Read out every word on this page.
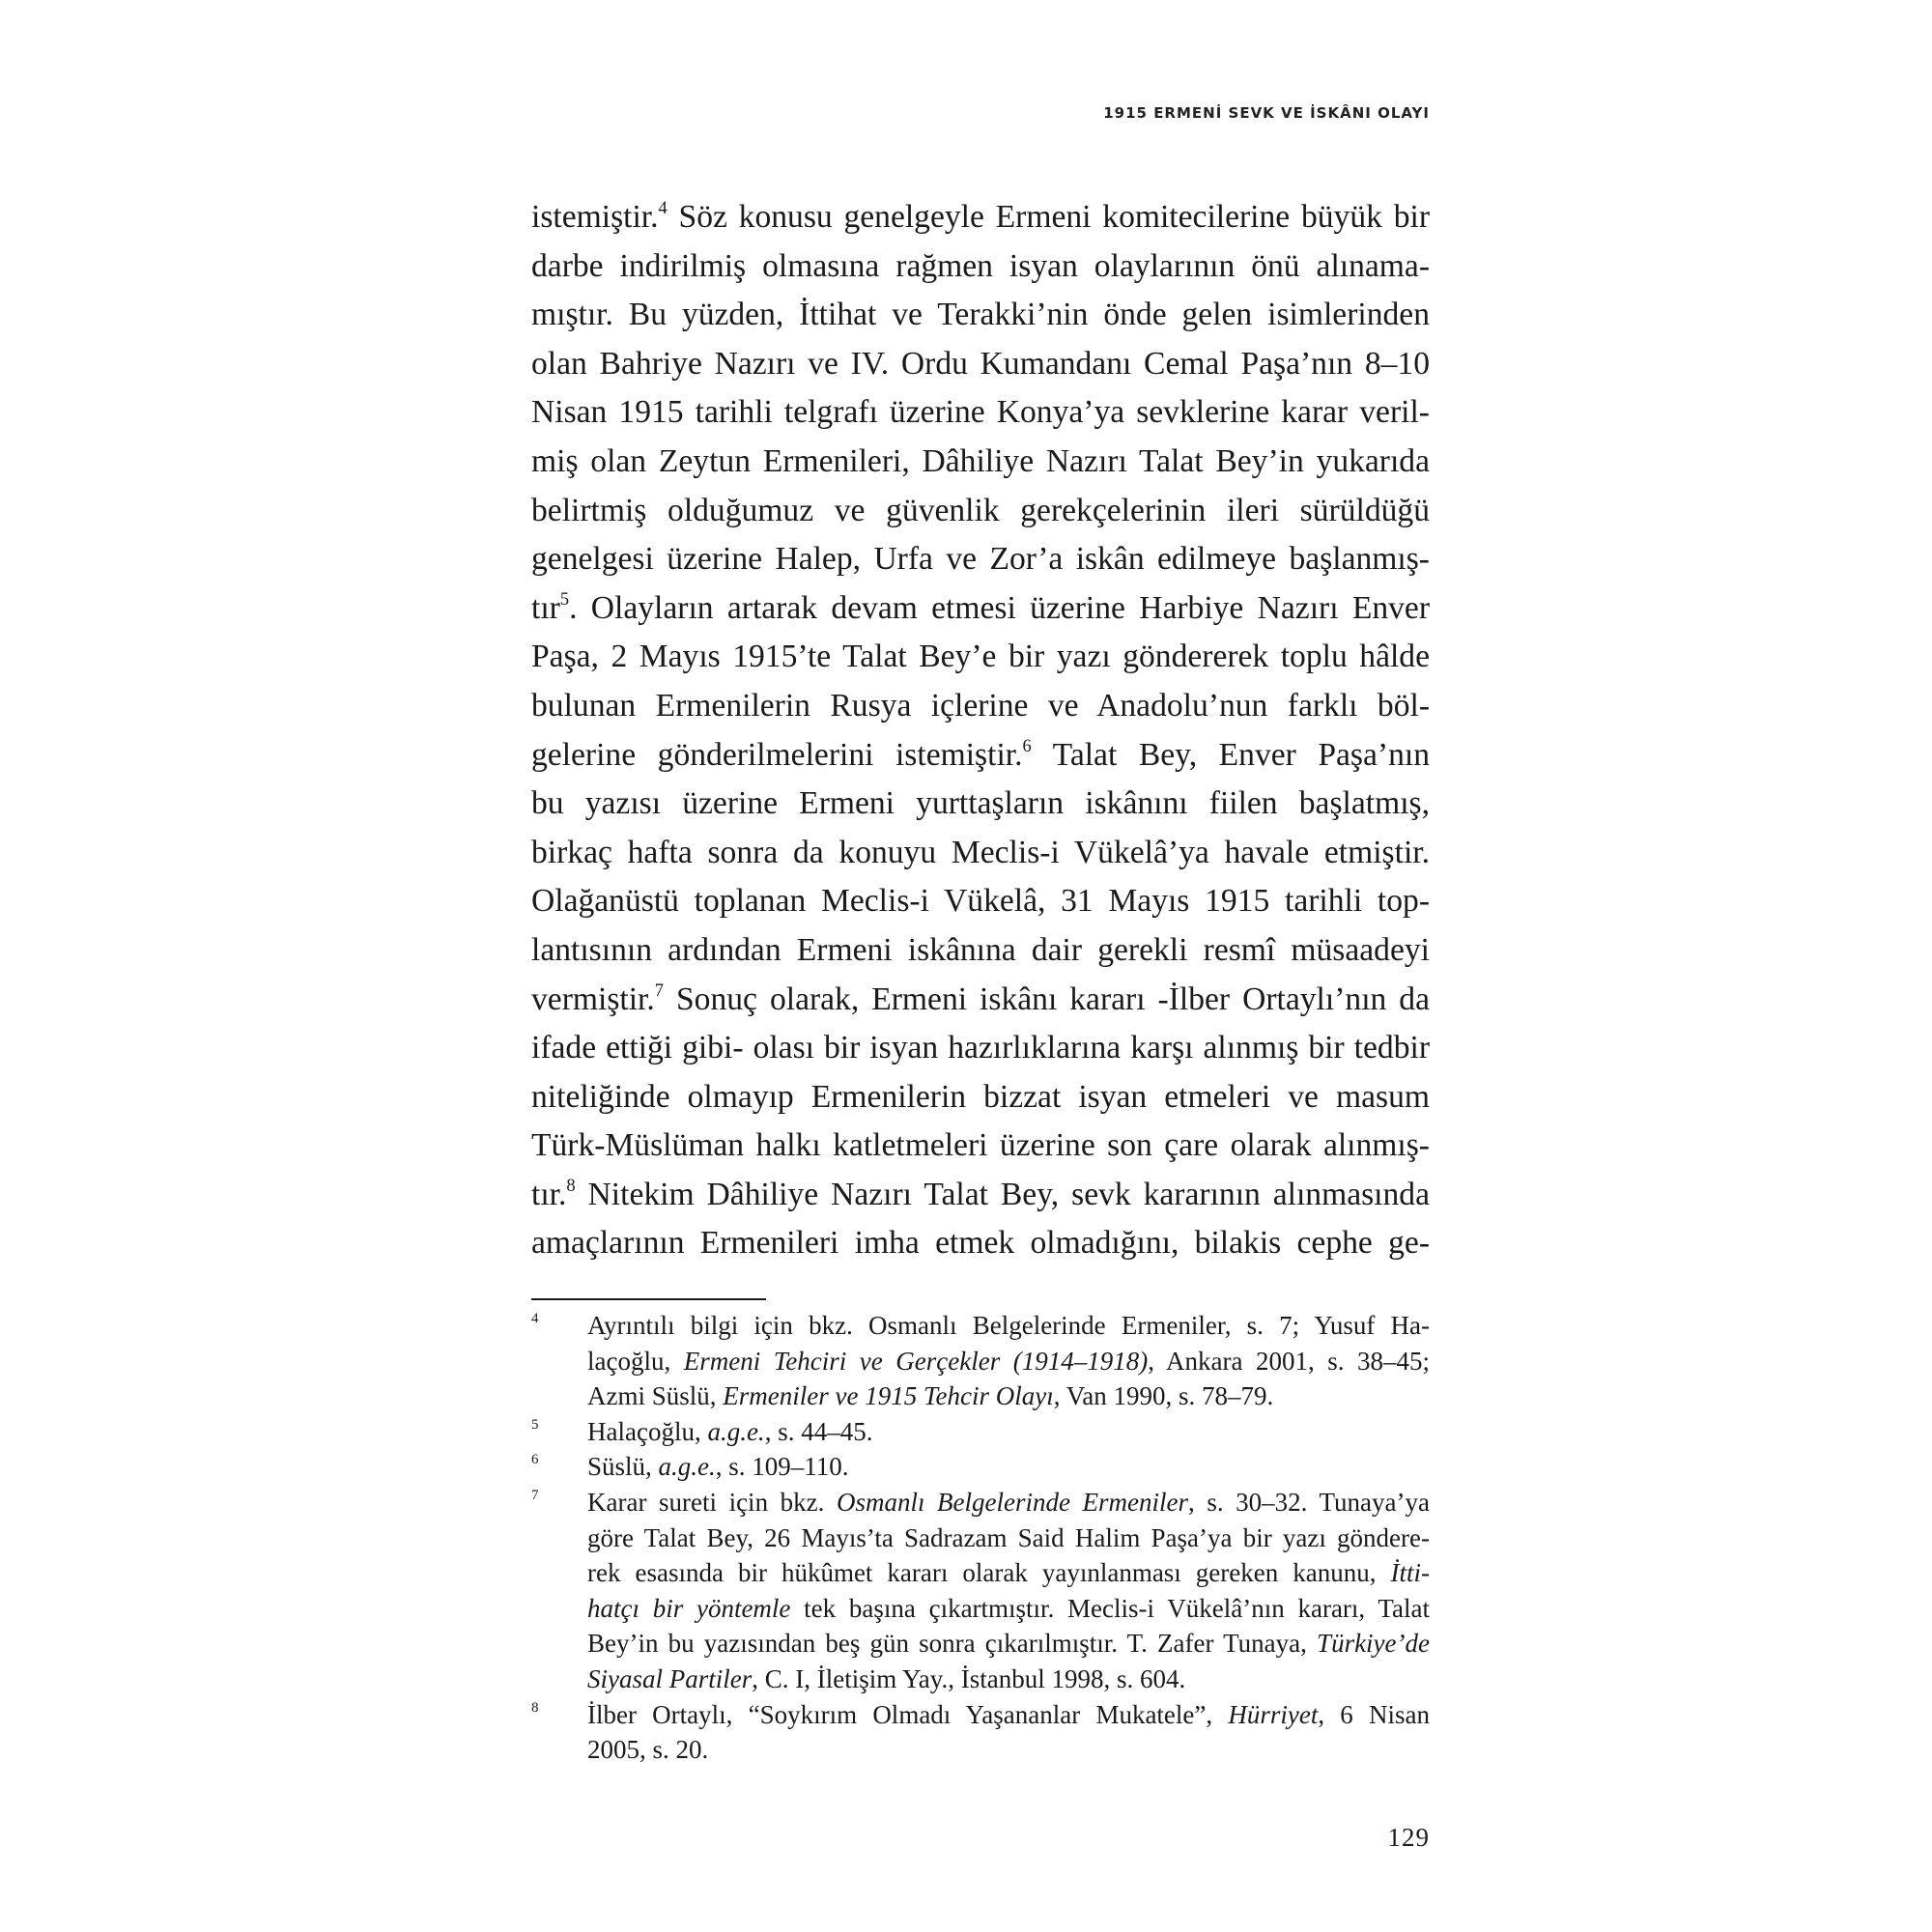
1915 ERMENİ SEVK VE İSKÂNI OLAYI
istemiştir.$^4$ Söz konusu genelgeyle Ermeni komitecilerine büyük bir
darbe indirilmiş olmasına rağmen isyan olaylarının önü alınama-
mıştır. Bu yüzden, İttihat ve Terakki’nin önde gelen isimlerinden
olan Bahriye Nazırı ve IV. Ordu Kumandanı Cemal Paşa’nın 8–10
Nisan 1915 tarihli telgrafı üzerine Konya’ya sevklerine karar veril-
miş olan Zeytun Ermenileri, Dâhiliye Nazırı Talat Bey’in yukarıda
belirtmiş olduğumuz ve güvenlik gerekçelerinin ileri sürüldüğü
genelgesi üzerine Halep, Urfa ve Zor’a iskân edilmeye başlanmış-
tır$^5$. Olayların artarak devam etmesi üzerine Harbiye Nazırı Enver
Paşa, 2 Mayıs 1915’te Talat Bey’e bir yazı göndererek toplu hâlde
bulunan Ermenilerin Rusya içlerine ve Anadolu’nun farklı böl-
gelerine gönderilmelerini istemiştir.$^6$ Talat Bey, Enver Paşa’nın
bu yazısı üzerine Ermeni yurttaşların iskânını fiilen başlatmış,
birkaç hafta sonra da konuyu Meclis-i Vükelâ’ya havale etmiştir.
Olağanüstü toplanan Meclis-i Vükelâ, 31 Mayıs 1915 tarihli top-
lantısının ardından Ermeni iskânına dair gerekli resmî müsaadeyi
vermiştir.$^7$ Sonuç olarak, Ermeni iskânı kararı -İlber Ortaylı’nın da
ifade ettiği gibi- olası bir isyan hazırlıklarına karşı alınmış bir tedbir
niteliğinde olmayıp Ermenilerin bizzat isyan etmeleri ve masum
Türk-Müslüman halkı katletmeleri üzerine son çare olarak alınmış-
tır.$^8$ Nitekim Dâhiliye Nazırı Talat Bey, sevk kararının alınmasında
amaçlarının Ermenileri imha etmek olmadığını, bilakis cephe ge-
4 Ayrıntılı bilgi için bkz. Osmanlı Belgelerinde Ermeniler, s. 7; Yusuf Ha-
laçoğlu, Ermeni Tehciri ve Gerçekler (1914–1918), Ankara 2001, s. 38–45;
Azmi Süslü, Ermeniler ve 1915 Tehcir Olayı, Van 1990, s. 78–79.
5 Halaçoğlu, a.g.e., s. 44–45.
6 Süslü, a.g.e., s. 109–110.
7 Karar sureti için bkz. Osmanlı Belgelerinde Ermeniler, s. 30–32. Tunaya’ya
göre Talat Bey, 26 Mayıs’ta Sadrazam Said Halim Paşa’ya bir yazı göndere-
rek esasında bir hükûmet kararı olarak yayınlanması gereken kanunu, İtti-
hatçı bir yöntemle tek başına çıkartmıştır. Meclis-i Vükelâ’nın kararı, Talat
Bey’in bu yazısından beş gün sonra çıkarılmıştır. T. Zafer Tunaya, Türkiye’de
Siyasal Partiler, C. I, İletişim Yay., İstanbul 1998, s. 604.
8 İlber Ortaylı, “Soykırım Olmadı Yaşananlar Mukatele”, Hürriyet, 6 Nisan
2005, s. 20.
129
